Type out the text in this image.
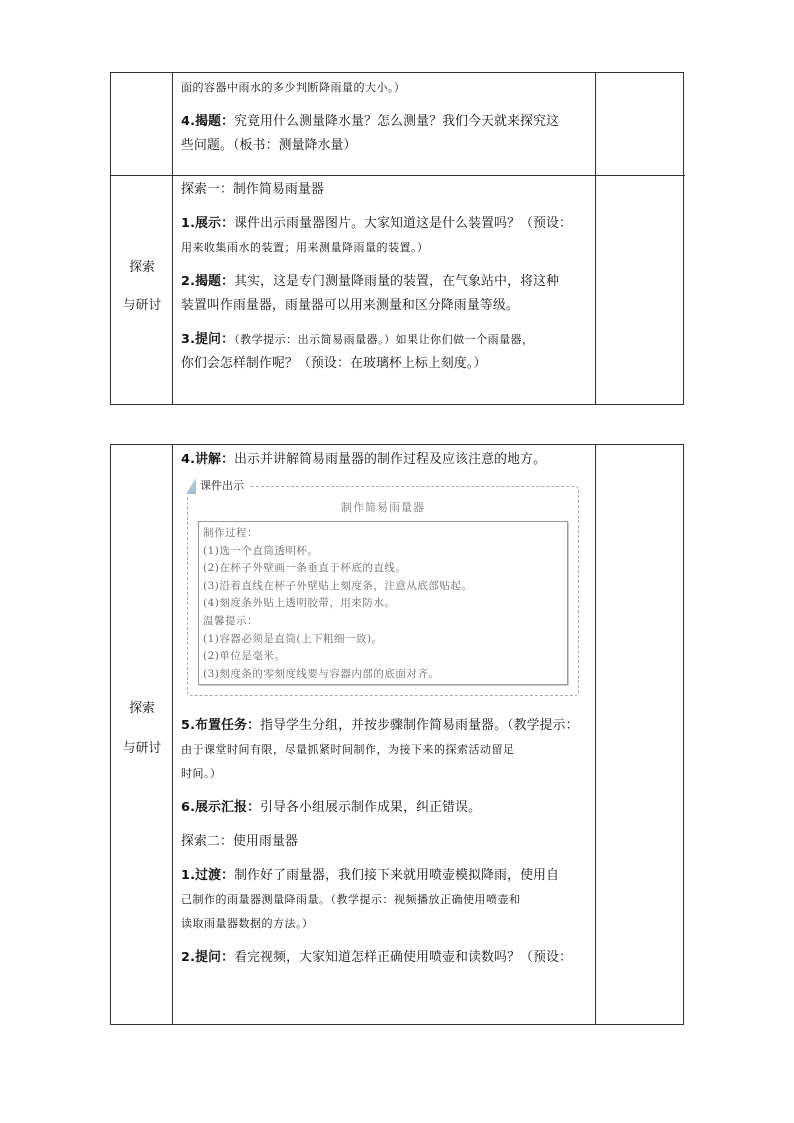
面的容器中雨水的多少判断降雨量的大小。）

4.揭题：究竟用什么测量降水量？怎么测量？我们今天就来探究这

些问题。（板书：测量降水量）

探索
与研讨

探索一：制作简易雨量器

1.展示：课件出示雨量器图片。大家知道这是什么装置吗？（预设：

用来收集雨水的装置；用来测量降雨量的装置。）

2.揭题：其实，这是专门测量降雨量的装置，在气象站中，将这种

装置叫作雨量器，雨量器可以用来测量和区分降雨量等级。

3.提问：（教学提示：出示简易雨量器。）如果让你们做一个雨量器，

你们会怎样制作呢？（预设：在玻璃杯上标上刻度。）

探索
与研讨

4.讲解：出示并讲解简易雨量器的制作过程及应该注意的地方。

课件出示
制作简易雨量器
制作过程：
(1)选一个直筒透明杯。
(2)在杯子外壁画一条垂直于杯底的直线。
(3)沿着直线在杯子外壁贴上刻度条，注意从底部贴起。
(4)刻度条外贴上透明胶带，用来防水。
温馨提示：
(1)容器必须是直筒(上下粗细一致)。
(2)单位是毫米。
(3)刻度条的零刻度线要与容器内部的底面对齐。

5.布置任务：指导学生分组，并按步骤制作简易雨量器。（教学提示：

由于课堂时间有限，尽量抓紧时间制作，为接下来的探索活动留足

时间。）

6.展示汇报：引导各小组展示制作成果，纠正错误。

探索二：使用雨量器

1.过渡：制作好了雨量器，我们接下来就用喷壶模拟降雨，使用自

己制作的雨量器测量降雨量。（教学提示：视频播放正确使用喷壶和

读取雨量器数据的方法。）

2.提问：看完视频，大家知道怎样正确使用喷壶和读数吗？（预设：
